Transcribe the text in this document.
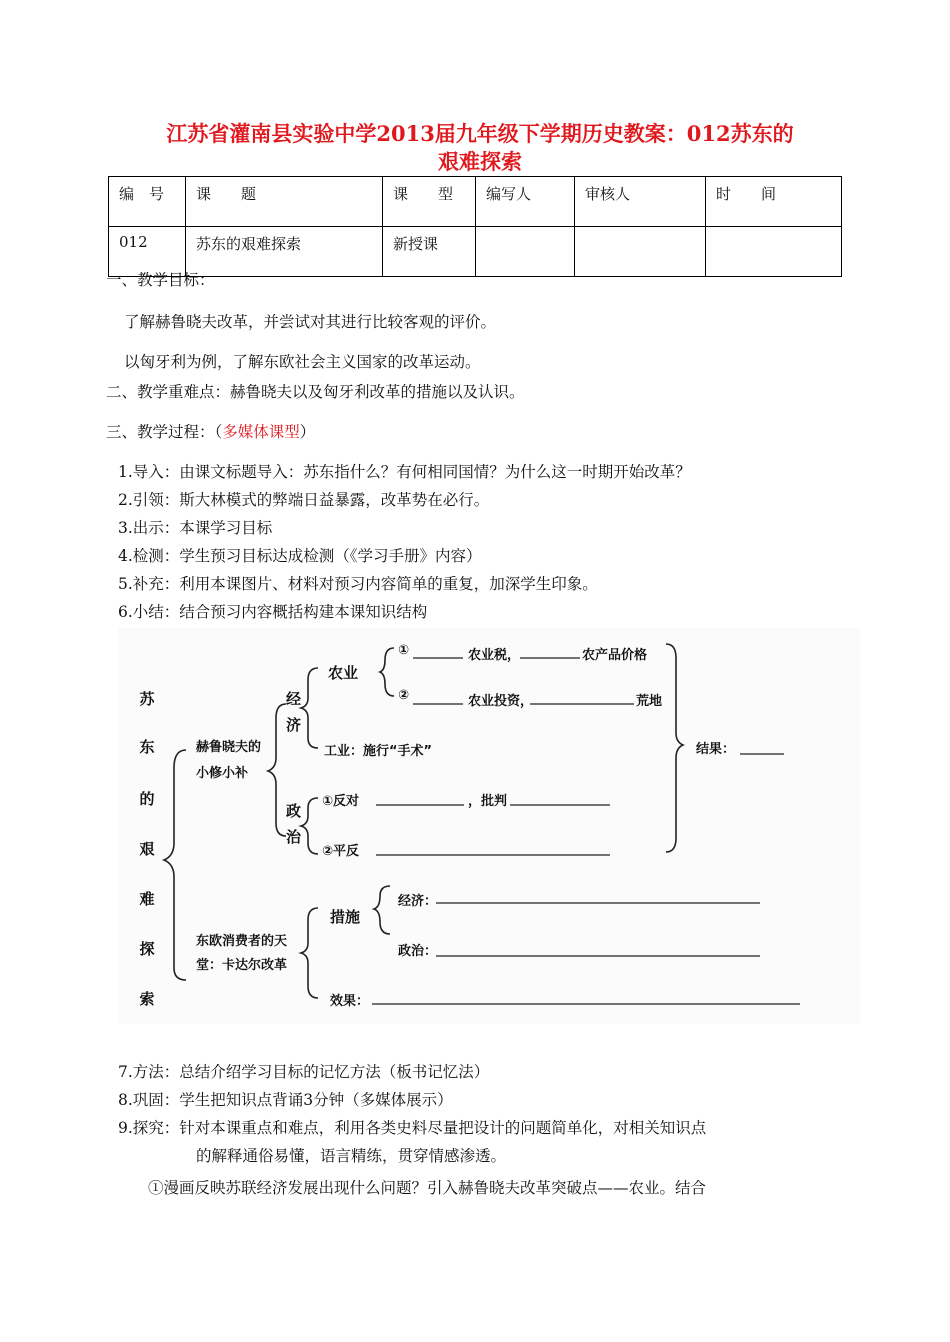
江苏省灌南县实验中学2013届九年级下学期历史教案：012苏东的
艰难探索
编　号	课　　题	课　　型	编写人	审核人	时　　间
012	苏东的艰难探索	新授课			
一、教学目标：
了解赫鲁晓夫改革，并尝试对其进行比较客观的评价。
以匈牙利为例，了解东欧社会主义国家的改革运动。
二、教学重难点：赫鲁晓夫以及匈牙利改革的措施以及认识。
三、教学过程：（多媒体课型）
1.导入：由课文标题导入：苏东指什么？有何相同国情？为什么这一时期开始改革？
2.引领：斯大林模式的弊端日益暴露，改革势在必行。
3.出示：本课学习目标
4.检测：学生预习目标达成检测（《学习手册》内容）
5.补充：利用本课图片、材料对预习内容简单的重复，加深学生印象。
6.小结：结合预习内容概括构建本课知识结构
苏
东
的
艰
难
探
索
赫鲁晓夫的
小修小补
经
济
政
治
农业
①	农业税，	农产品价格
②	农业投资，	荒地
工业：施行“手术”
①反对	，批判
②平反
结果：
东欧消费者的天
堂：卡达尔改革
措施
经济：
政治：
效果：
7.方法：总结介绍学习目标的记忆方法（板书记忆法）
8.巩固：学生把知识点背诵3分钟（多媒体展示）
9.探究：针对本课重点和难点，利用各类史料尽量把设计的问题简单化，对相关知识点
的解释通俗易懂，语言精练，贯穿情感渗透。
①漫画反映苏联经济发展出现什么问题？引入赫鲁晓夫改革突破点——农业。结合
